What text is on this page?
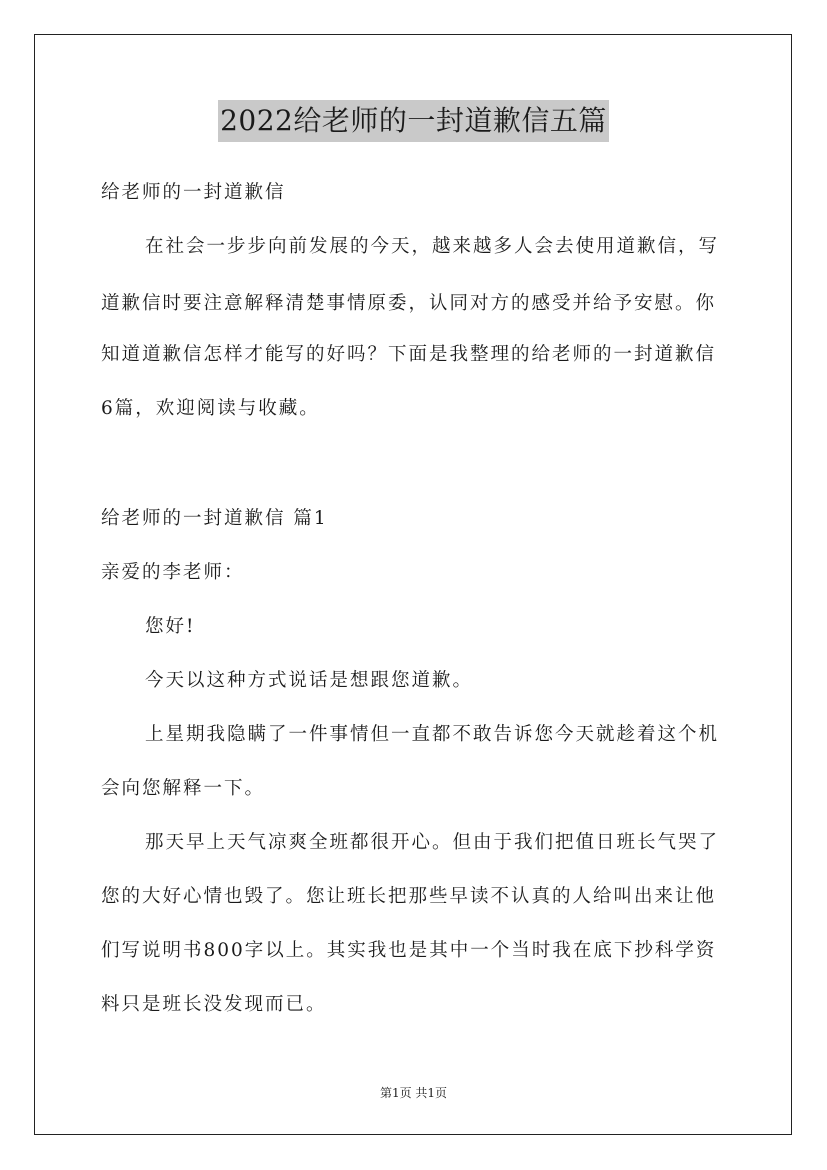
2022给老师的一封道歉信五篇
给老师的一封道歉信
在社会一步步向前发展的今天，越来越多人会去使用道歉信，写
道歉信时要注意解释清楚事情原委，认同对方的感受并给予安慰。你
知道道歉信怎样才能写的好吗？下面是我整理的给老师的一封道歉信
6篇，欢迎阅读与收藏。
给老师的一封道歉信 篇1
亲爱的李老师：
您好!
今天以这种方式说话是想跟您道歉。
上星期我隐瞒了一件事情但一直都不敢告诉您今天就趁着这个机
会向您解释一下。
那天早上天气凉爽全班都很开心。但由于我们把值日班长气哭了
您的大好心情也毁了。您让班长把那些早读不认真的人给叫出来让他
们写说明书800字以上。其实我也是其中一个当时我在底下抄科学资
料只是班长没发现而已。
第1页 共1页
